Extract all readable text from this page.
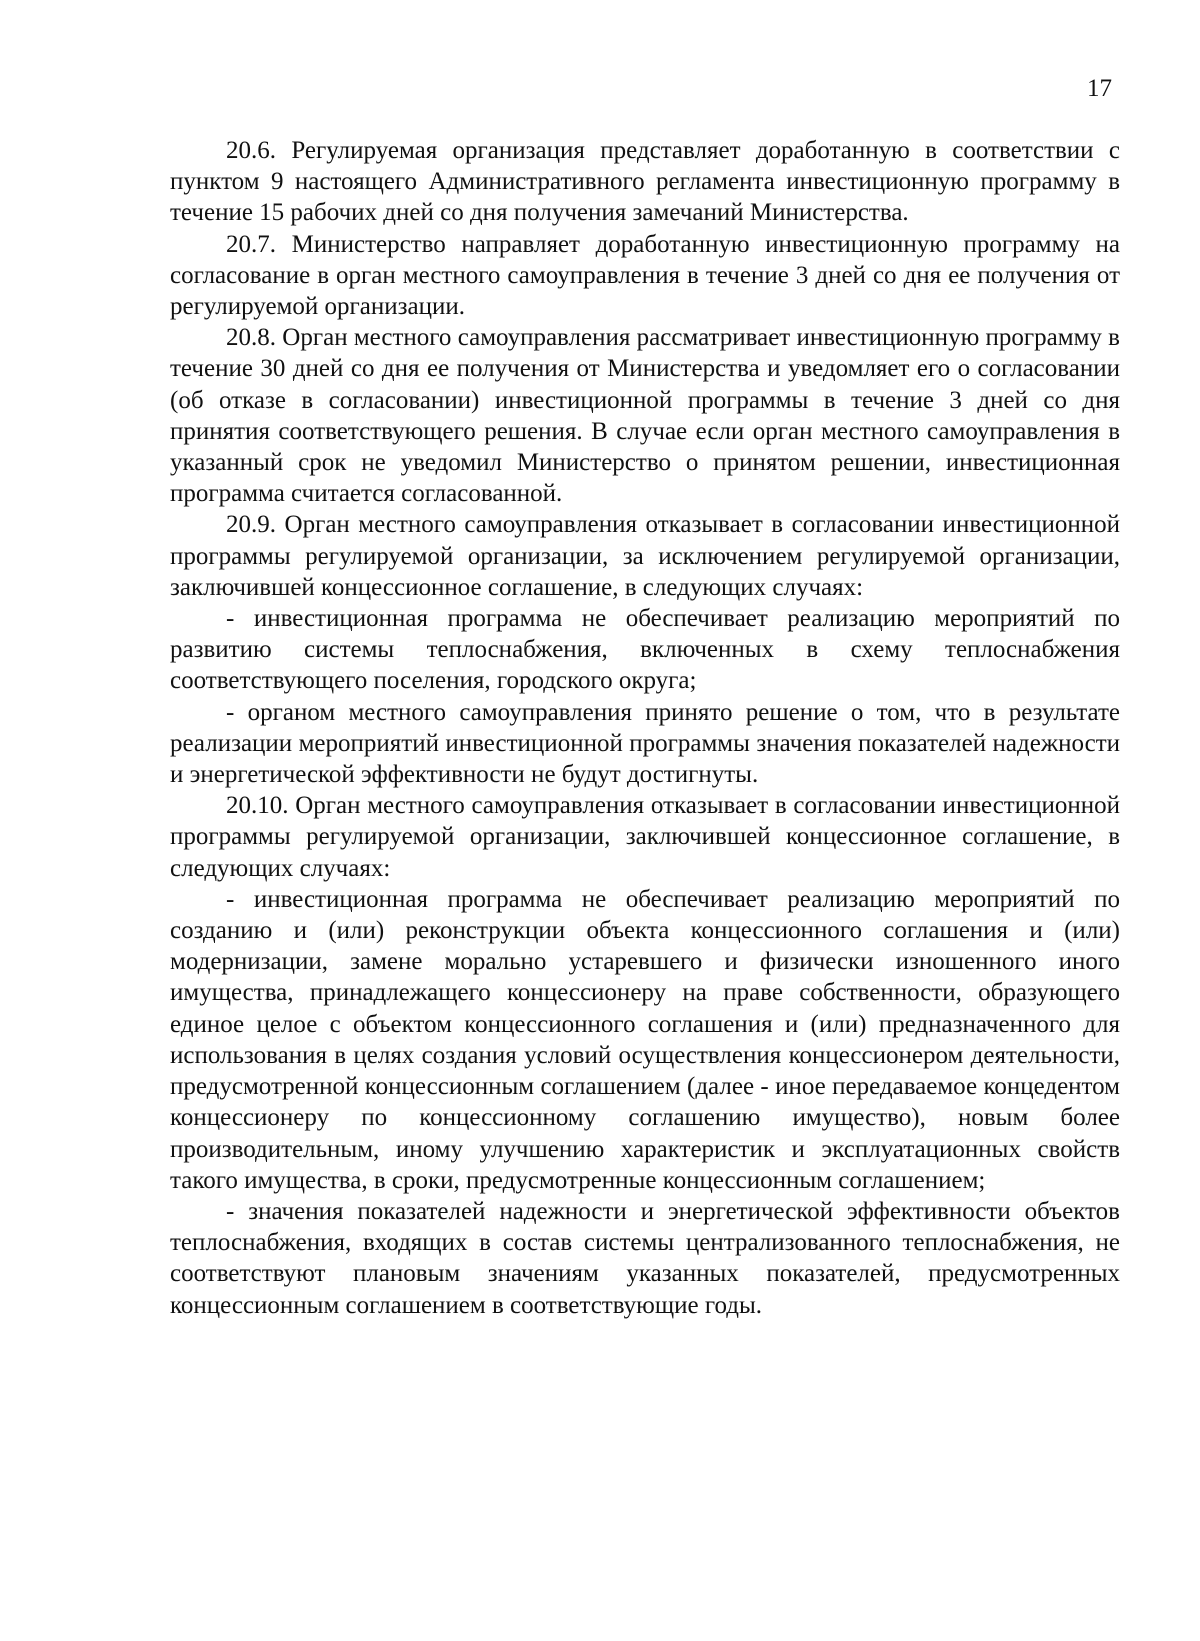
17

20.6. Регулируемая организация представляет доработанную в соответствии с пунктом 9 настоящего Административного регламента инвестиционную программу в течение 15 рабочих дней со дня получения замечаний Министерства.

20.7. Министерство направляет доработанную инвестиционную программу на согласование в орган местного самоуправления в течение 3 дней со дня ее получения от регулируемой организации.

20.8. Орган местного самоуправления рассматривает инвестиционную программу в течение 30 дней со дня ее получения от Министерства и уведомляет его о согласовании (об отказе в согласовании) инвестиционной программы в течение 3 дней со дня принятия соответствующего решения. В случае если орган местного самоуправления в указанный срок не уведомил Министерство о принятом решении, инвестиционная программа считается согласованной.

20.9. Орган местного самоуправления отказывает в согласовании инвестиционной программы регулируемой организации, за исключением регулируемой организации, заключившей концессионное соглашение, в следующих случаях:

- инвестиционная программа не обеспечивает реализацию мероприятий по развитию системы теплоснабжения, включенных в схему теплоснабжения соответствующего поселения, городского округа;

- органом местного самоуправления принято решение о том, что в результате реализации мероприятий инвестиционной программы значения показателей надежности и энергетической эффективности не будут достигнуты.

20.10. Орган местного самоуправления отказывает в согласовании инвестиционной программы регулируемой организации, заключившей концессионное соглашение, в следующих случаях:

- инвестиционная программа не обеспечивает реализацию мероприятий по созданию и (или) реконструкции объекта концессионного соглашения и (или) модернизации, замене морально устаревшего и физически изношенного иного имущества, принадлежащего концессионеру на праве собственности, образующего единое целое с объектом концессионного соглашения и (или) предназначенного для использования в целях создания условий осуществления концессионером деятельности, предусмотренной концессионным соглашением (далее - иное передаваемое концедентом концессионеру по концессионному соглашению имущество), новым более производительным, иному улучшению характеристик и эксплуатационных свойств такого имущества, в сроки, предусмотренные концессионным соглашением;

- значения показателей надежности и энергетической эффективности объектов теплоснабжения, входящих в состав системы централизованного теплоснабжения, не соответствуют плановым значениям указанных показателей, предусмотренных концессионным соглашением в соответствующие годы.
